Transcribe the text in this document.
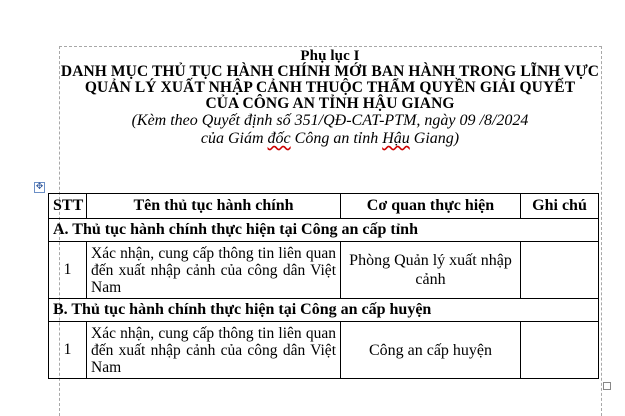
Phụ lục I
DANH MỤC THỦ TỤC HÀNH CHÍNH MỚI BAN HÀNH TRONG LĨNH VỰC
QUẢN LÝ XUẤT NHẬP CẢNH THUỘC THẨM QUYỀN GIẢI QUYẾT
CỦA CÔNG AN TỈNH HẬU GIANG
(Kèm theo Quyết định số 351/QĐ-CAT-PTM, ngày 09 /8/2024
của Giám đốc Công an tỉnh Hậu Giang)
✥
STT	Tên thủ tục hành chính	Cơ quan thực hiện	Ghi chú
A. Thủ tục hành chính thực hiện tại Công an cấp tỉnh			
1	Xác nhận, cung cấp thông tin liên quan đến xuất nhập cảnh của công dân Việt Nam	Phòng Quản lý xuất nhập cảnh	
B. Thủ tục hành chính thực hiện tại Công an cấp huyện			
1	Xác nhận, cung cấp thông tin liên quan đến xuất nhập cảnh của công dân Việt Nam	Công an cấp huyện	
